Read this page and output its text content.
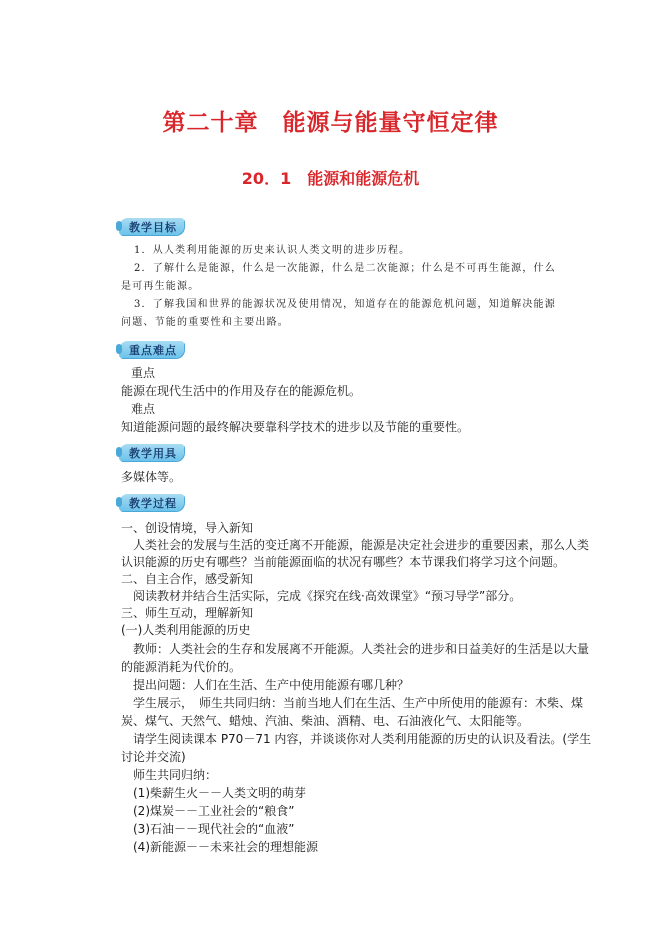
第二十章　能源与能量守恒定律
20．1　能源和能源危机
教学目标
1．从人类利用能源的历史来认识人类文明的进步历程。
2．了解什么是能源，什么是一次能源，什么是二次能源；什么是不可再生能源，什么
是可再生能源。
3．了解我国和世界的能源状况及使用情况，知道存在的能源危机问题，知道解决能源
问题、节能的重要性和主要出路。
重点难点
重点
能源在现代生活中的作用及存在的能源危机。
难点
知道能源问题的最终解决要靠科学技术的进步以及节能的重要性。
教学用具
多媒体等。
教学过程
一、创设情境，导入新知
人类社会的发展与生活的变迁离不开能源，能源是决定社会进步的重要因素，那么人类
认识能源的历史有哪些？当前能源面临的状况有哪些？本节课我们将学习这个问题。
二、自主合作，感受新知
阅读教材并结合生活实际，完成《探究在线·高效课堂》“预习导学”部分。
三、师生互动，理解新知
(一)人类利用能源的历史
教师：人类社会的生存和发展离不开能源。人类社会的进步和日益美好的生活是以大量
的能源消耗为代价的。
提出问题：人们在生活、生产中使用能源有哪几种？
学生展示，　师生共同归纳：当前当地人们在生活、生产中所使用的能源有：木柴、煤
炭、煤气、天然气、蜡烛、汽油、柴油、酒精、电、石油液化气、太阳能等。
请学生阅读课本 P70－71 内容，并谈谈你对人类利用能源的历史的认识及看法。(学生
讨论并交流)
师生共同归纳：
(1)柴薪生火－－人类文明的萌芽
(2)煤炭－－工业社会的“粮食”
(3)石油－－现代社会的“血液”
(4)新能源－－未来社会的理想能源
